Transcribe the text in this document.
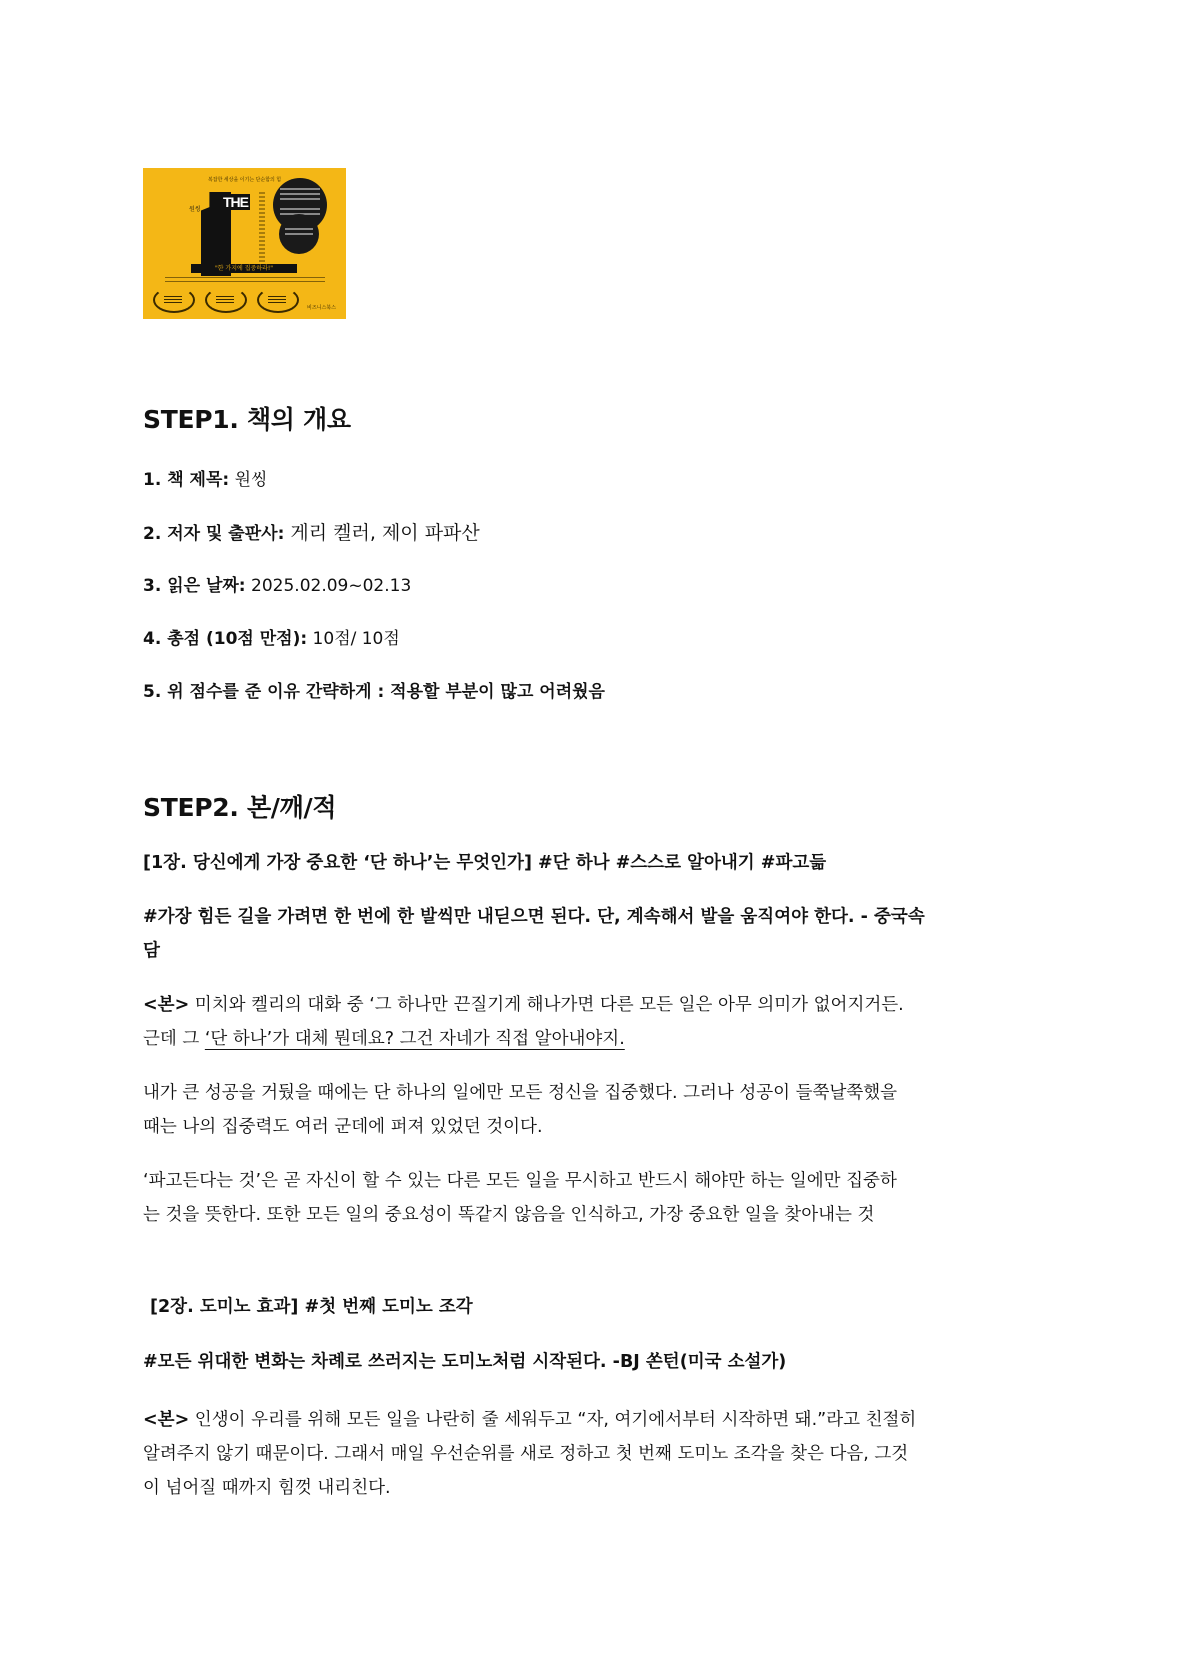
복잡한 세상을 이기는 단순함의 힘
원씽 THE
"한 가지에 집중하라!"
비즈니스북스
STEP1. 책의 개요

1. 책 제목: 원씽

2. 저자 및 출판사: 게리 켈러, 제이 파파산

3. 읽은 날짜: 2025.02.09~02.13

4. 총점 (10점 만점): 10점/ 10점

5. 위 점수를 준 이유 간략하게 : 적용할 부분이 많고 어려웠음

STEP2. 본/깨/적

[1장. 당신에게 가장 중요한 ‘단 하나’는 무엇인가] #단 하나 #스스로 알아내기 #파고듦

#가장 힘든 길을 가려면 한 번에 한 발씩만 내딛으면 된다. 단, 계속해서 발을 움직여야 한다. - 중국속
담

<본> 미치와 켈리의 대화 중 ‘그 하나만 끈질기게 해나가면 다른 모든 일은 아무 의미가 없어지거든.
근데 그 ‘단 하나’가 대체 뭔데요? 그건 자네가 직접 알아내야지.

내가 큰 성공을 거뒀을 때에는 단 하나의 일에만 모든 정신을 집중했다. 그러나 성공이 들쭉날쭉했을
때는 나의 집중력도 여러 군데에 퍼져 있었던 것이다.

‘파고든다는 것’은 곧 자신이 할 수 있는 다른 모든 일을 무시하고 반드시 해야만 하는 일에만 집중하
는 것을 뜻한다. 또한 모든 일의 중요성이 똑같지 않음을 인식하고, 가장 중요한 일을 찾아내는 것

[2장. 도미노 효과] #첫 번째 도미노 조각

#모든 위대한 변화는 차례로 쓰러지는 도미노처럼 시작된다. -BJ 쏜턴(미국 소설가)

<본> 인생이 우리를 위해 모든 일을 나란히 줄 세워두고 “자, 여기에서부터 시작하면 돼.”라고 친절히
알려주지 않기 때문이다. 그래서 매일 우선순위를 새로 정하고 첫 번째 도미노 조각을 찾은 다음, 그것
이 넘어질 때까지 힘껏 내리친다.
